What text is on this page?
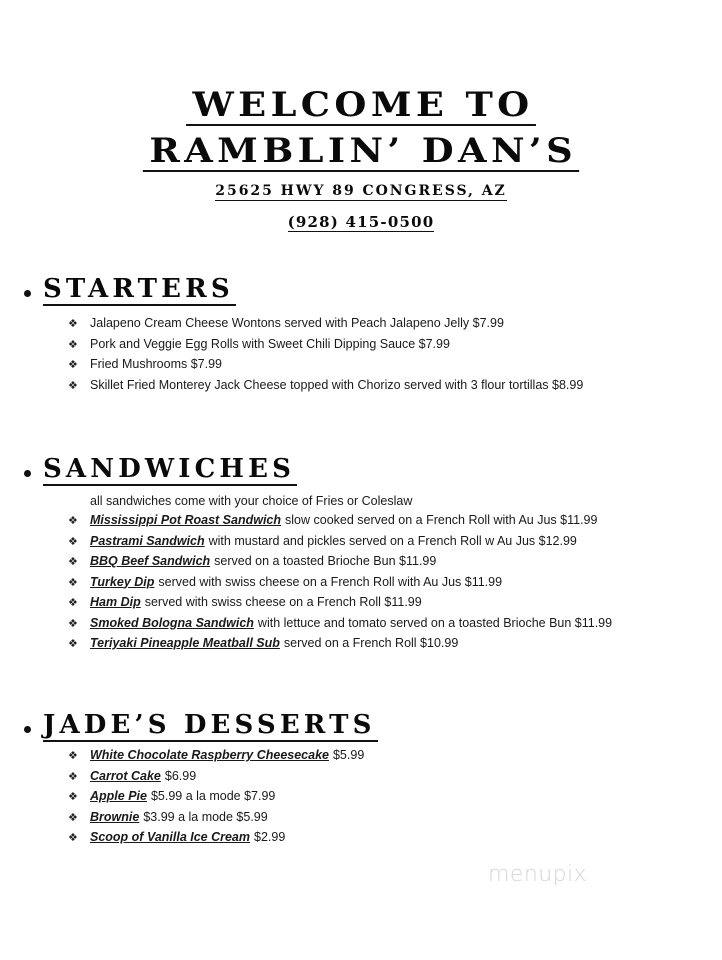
WELCOME TO
RAMBLIN’ DAN’S
25625 HWY 89 CONGRESS, AZ
(928) 415-0500
STARTERS
❖ Jalapeno Cream Cheese Wontons served with Peach Jalapeno Jelly $7.99
❖ Pork and Veggie Egg Rolls with Sweet Chili Dipping Sauce $7.99
❖ Fried Mushrooms $7.99
❖ Skillet Fried Monterey Jack Cheese topped with Chorizo served with 3 flour tortillas $8.99
SANDWICHES
all sandwiches come with your choice of Fries or Coleslaw
❖ Mississippi Pot Roast Sandwich slow cooked served on a French Roll with Au Jus $11.99
❖ Pastrami Sandwich with mustard and pickles served on a French Roll w Au Jus $12.99
❖ BBQ Beef Sandwich served on a toasted Brioche Bun $11.99
❖ Turkey Dip served with swiss cheese on a French Roll with Au Jus $11.99
❖ Ham Dip served with swiss cheese on a French Roll $11.99
❖ Smoked Bologna Sandwich with lettuce and tomato served on a toasted Brioche Bun $11.99
❖ Teriyaki Pineapple Meatball Sub served on a French Roll $10.99
JADE’S DESSERTS
❖ White Chocolate Raspberry Cheesecake $5.99
❖ Carrot Cake $6.99
❖ Apple Pie $5.99 a la mode $7.99
❖ Brownie $3.99 a la mode $5.99
❖ Scoop of Vanilla Ice Cream $2.99
menupix
